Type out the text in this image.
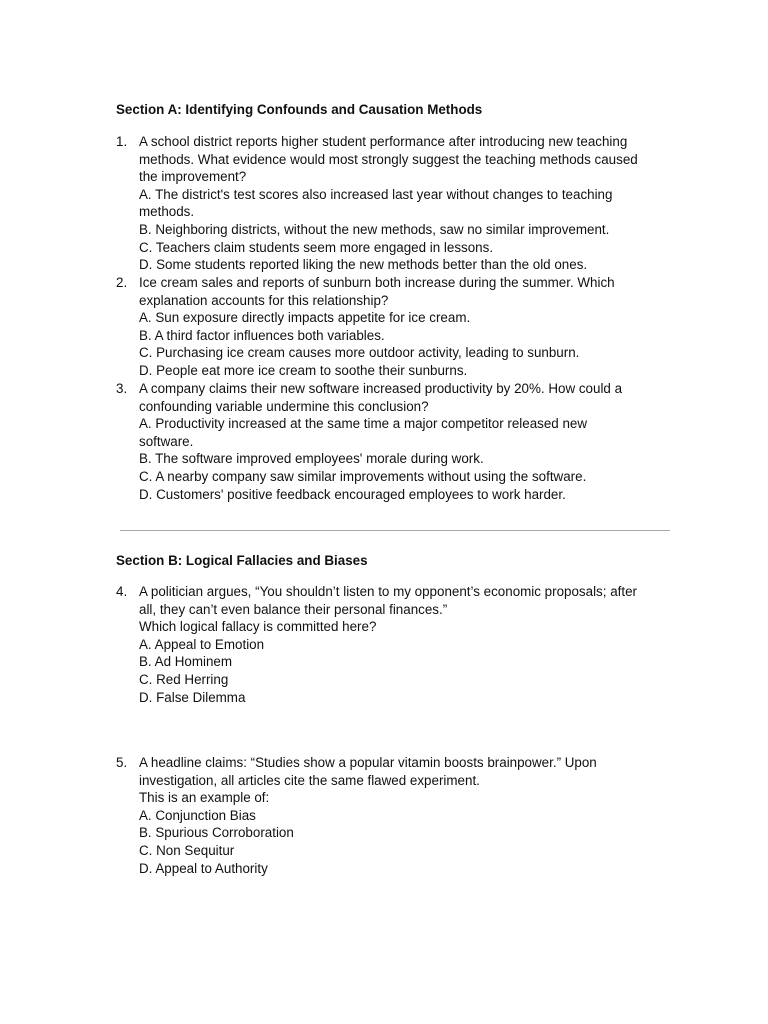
Section A: Identifying Confounds and Causation Methods
1. A school district reports higher student performance after introducing new teaching
methods. What evidence would most strongly suggest the teaching methods caused
the improvement?
A. The district's test scores also increased last year without changes to teaching
methods.
B. Neighboring districts, without the new methods, saw no similar improvement.
C. Teachers claim students seem more engaged in lessons.
D. Some students reported liking the new methods better than the old ones.
2. Ice cream sales and reports of sunburn both increase during the summer. Which
explanation accounts for this relationship?
A. Sun exposure directly impacts appetite for ice cream.
B. A third factor influences both variables.
C. Purchasing ice cream causes more outdoor activity, leading to sunburn.
D. People eat more ice cream to soothe their sunburns.
3. A company claims their new software increased productivity by 20%. How could a
confounding variable undermine this conclusion?
A. Productivity increased at the same time a major competitor released new
software.
B. The software improved employees' morale during work.
C. A nearby company saw similar improvements without using the software.
D. Customers' positive feedback encouraged employees to work harder.
Section B: Logical Fallacies and Biases
4. A politician argues, “You shouldn’t listen to my opponent’s economic proposals; after
all, they can’t even balance their personal finances.”
Which logical fallacy is committed here?
A. Appeal to Emotion
B. Ad Hominem
C. Red Herring
D. False Dilemma
5. A headline claims: “Studies show a popular vitamin boosts brainpower.” Upon
investigation, all articles cite the same flawed experiment.
This is an example of:
A. Conjunction Bias
B. Spurious Corroboration
C. Non Sequitur
D. Appeal to Authority
